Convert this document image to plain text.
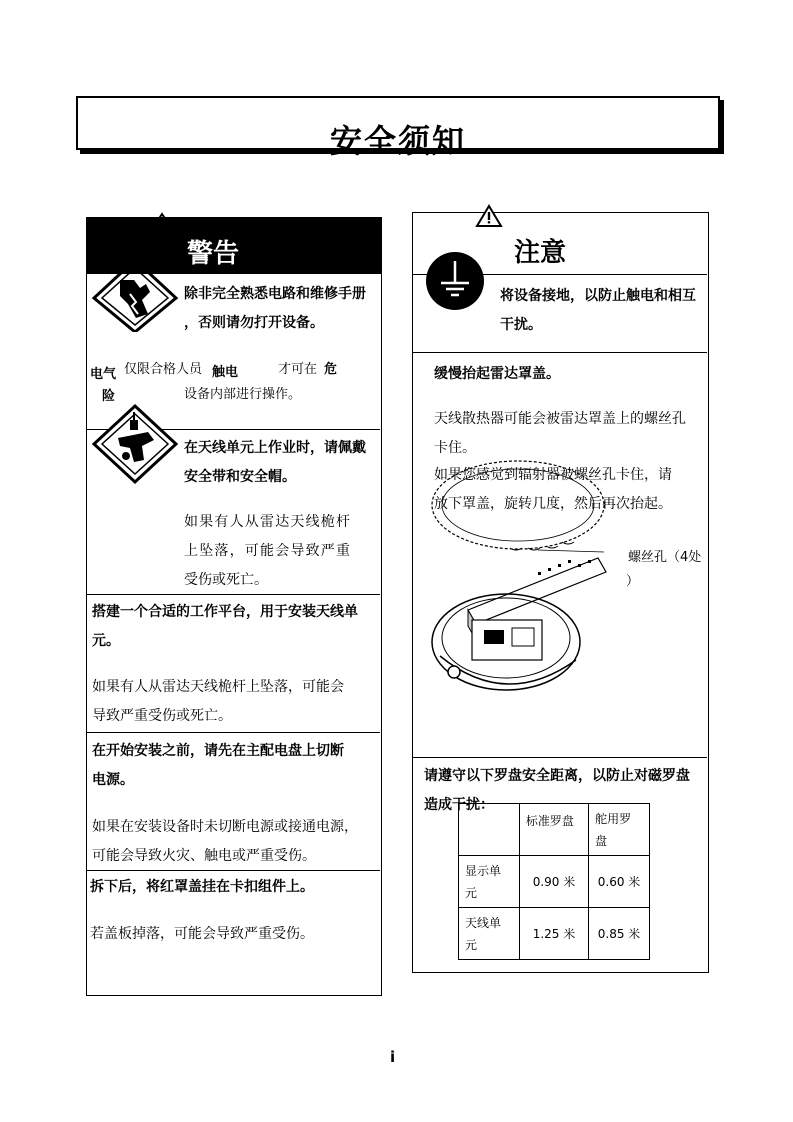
安全须知
警告
除非完全熟悉电路和维修手册
，否则请勿打开设备。
电气
险
仅限合格人员 触电	才可在 危
设备内部进行操作。
在天线单元上作业时，请佩戴
安全带和安全帽。
如果有人从雷达天线桅杆
上坠落，可能会导致严重
受伤或死亡。
搭建一个合适的工作平台，用于安装天线单
元。
如果有人从雷达天线桅杆上坠落，可能会
导致严重受伤或死亡。
在开始安装之前，请先在主配电盘上切断
电源。
如果在安装设备时未切断电源或接通电源，
可能会导致火灾、触电或严重受伤。
拆下后，将红罩盖挂在卡扣组件上。
若盖板掉落，可能会导致严重受伤。
注意
将设备接地，以防止触电和相互
干扰。
缓慢抬起雷达罩盖。
天线散热器可能会被雷达罩盖上的螺丝孔
卡住。
如果您感觉到辐射器被螺丝孔卡住，请
放下罩盖，旋转几度，然后再次抬起。
螺丝孔（4处
）
请遵守以下罗盘安全距离，以防止对磁罗盘
造成干扰：
	标准罗盘	舵用罗盘
显示单元	0.90 米	0.60 米
天线单元	1.25 米	0.85 米
i
